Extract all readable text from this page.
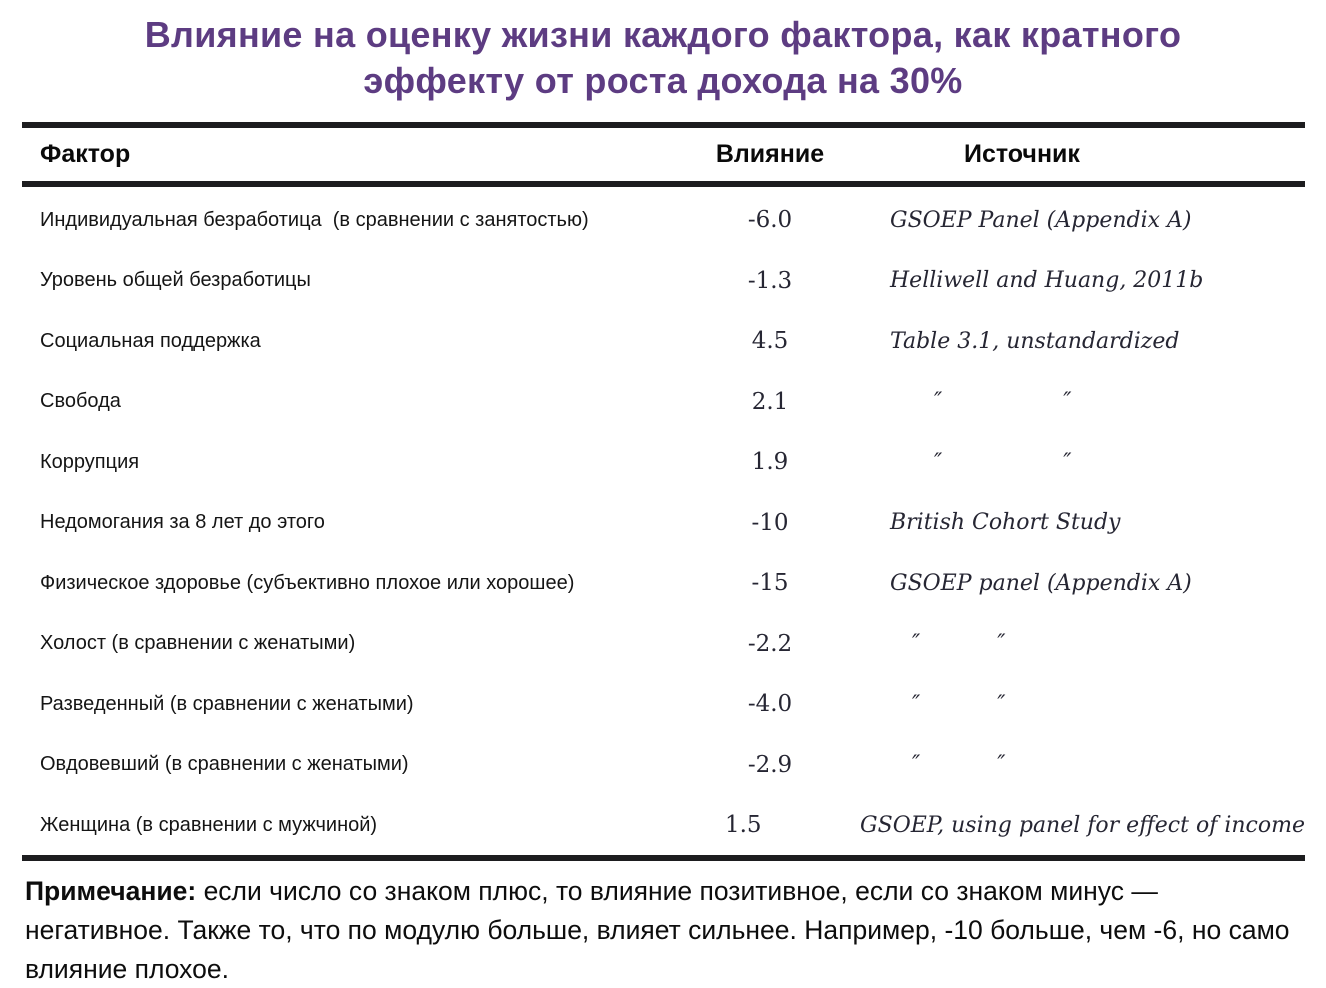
Влияние на оценку жизни каждого фактора, как кратного
эффекту от роста дохода на 30%
Фактор	Влияние	Источник
Индивидуальная безработица  (в сравнении с занятостью)	-6.0	GSOEP Panel (Appendix A)
Уровень общей безработицы	-1.3	Helliwell and Huang, 2011b
Социальная поддержка	4.5	Table 3.1, unstandardized
Свобода	2.1	  ″      ″
Коррупция	1.9	  ″      ″
Недомогания за 8 лет до этого	-10	British Cohort Study
Физическое здоровье (субъективно плохое или хорошее)	-15	GSOEP panel (Appendix A)
Холост (в сравнении с женатыми)	-2.2	 ″    ″
Разведенный (в сравнении с женатыми)	-4.0	 ″    ″
Овдовевший (в сравнении с женатыми)	-2.9	 ″    ″
Женщина (в сравнении с мужчиной)	1.5	GSOEP, using panel for effect of income
Примечание: если число со знаком плюс, то влияние позитивное, если со знаком минус — негативное. Также то, что по модулю больше, влияет сильнее. Например, -10 больше, чем -6, но само влияние плохое.
